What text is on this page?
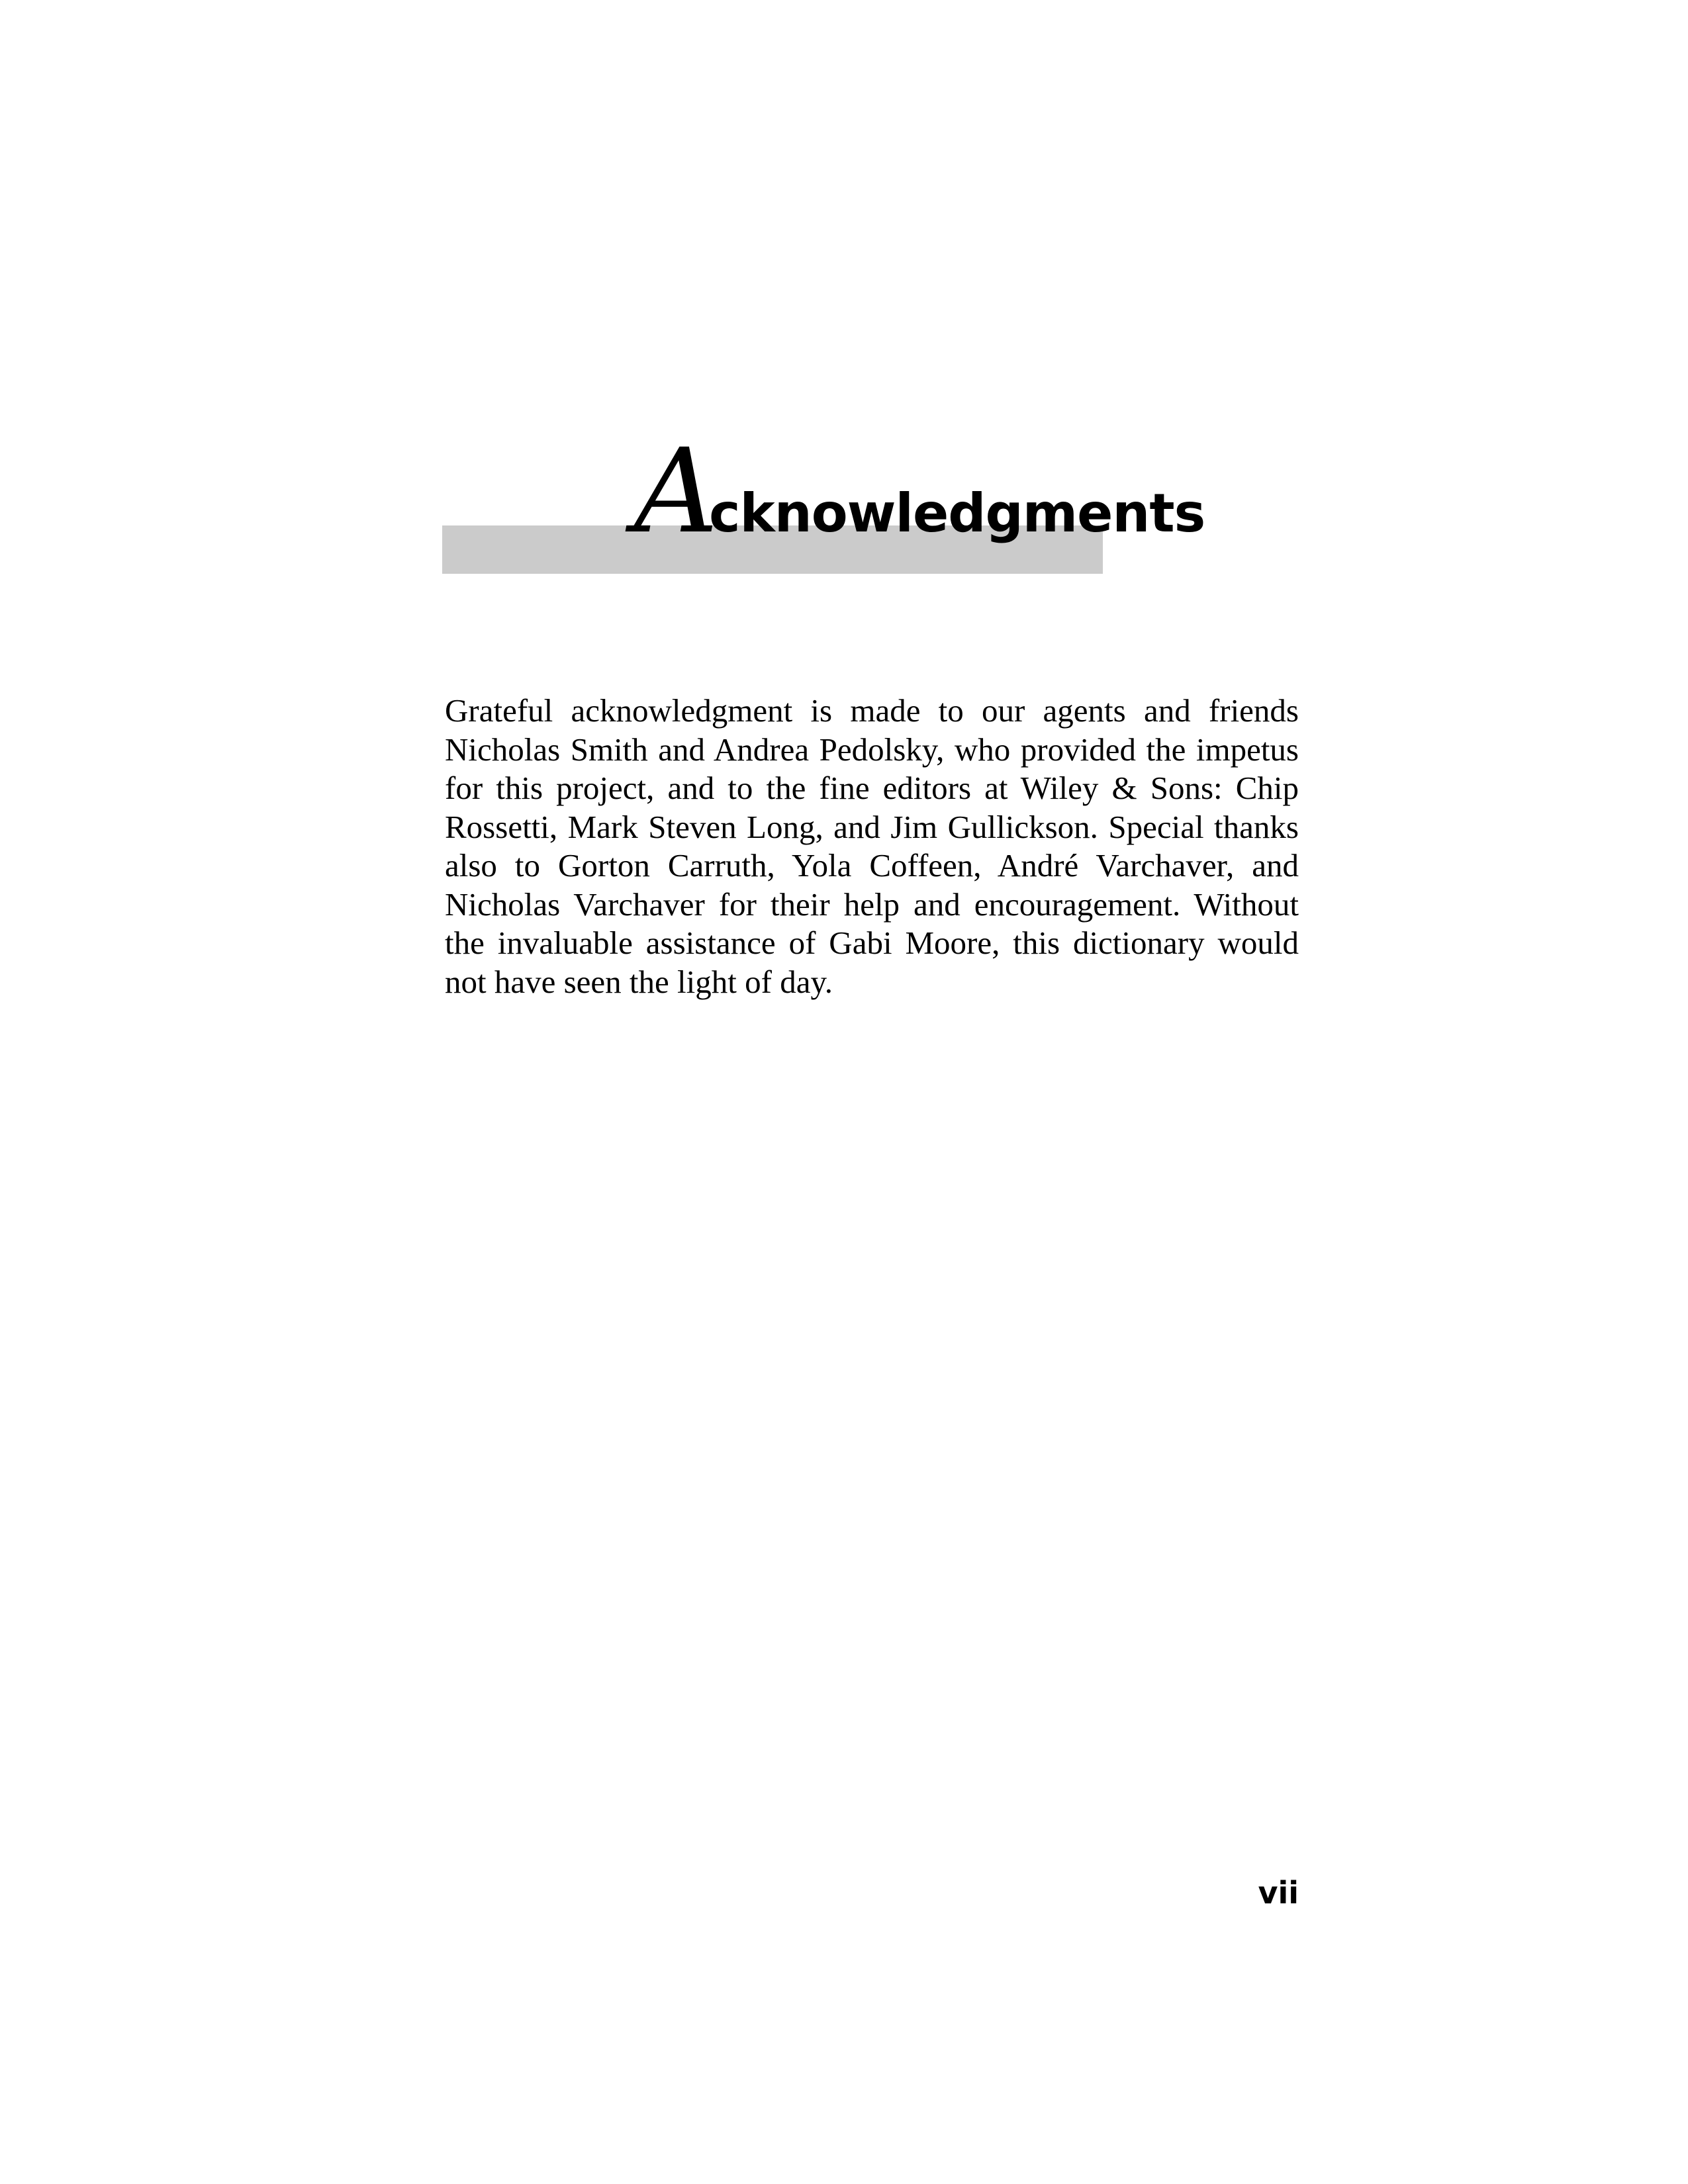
Acknowledgments

Grateful acknowledgment is made to our agents and friends Nicholas Smith and Andrea Pedolsky, who provided the impetus for this project, and to the fine editors at Wiley & Sons: Chip Rossetti, Mark Steven Long, and Jim Gullickson. Special thanks also to Gorton Carruth, Yola Coffeen, André Varchaver, and Nicholas Varchaver for their help and encouragement. Without the invaluable assistance of Gabi Moore, this dictionary would not have seen the light of day.

vii
